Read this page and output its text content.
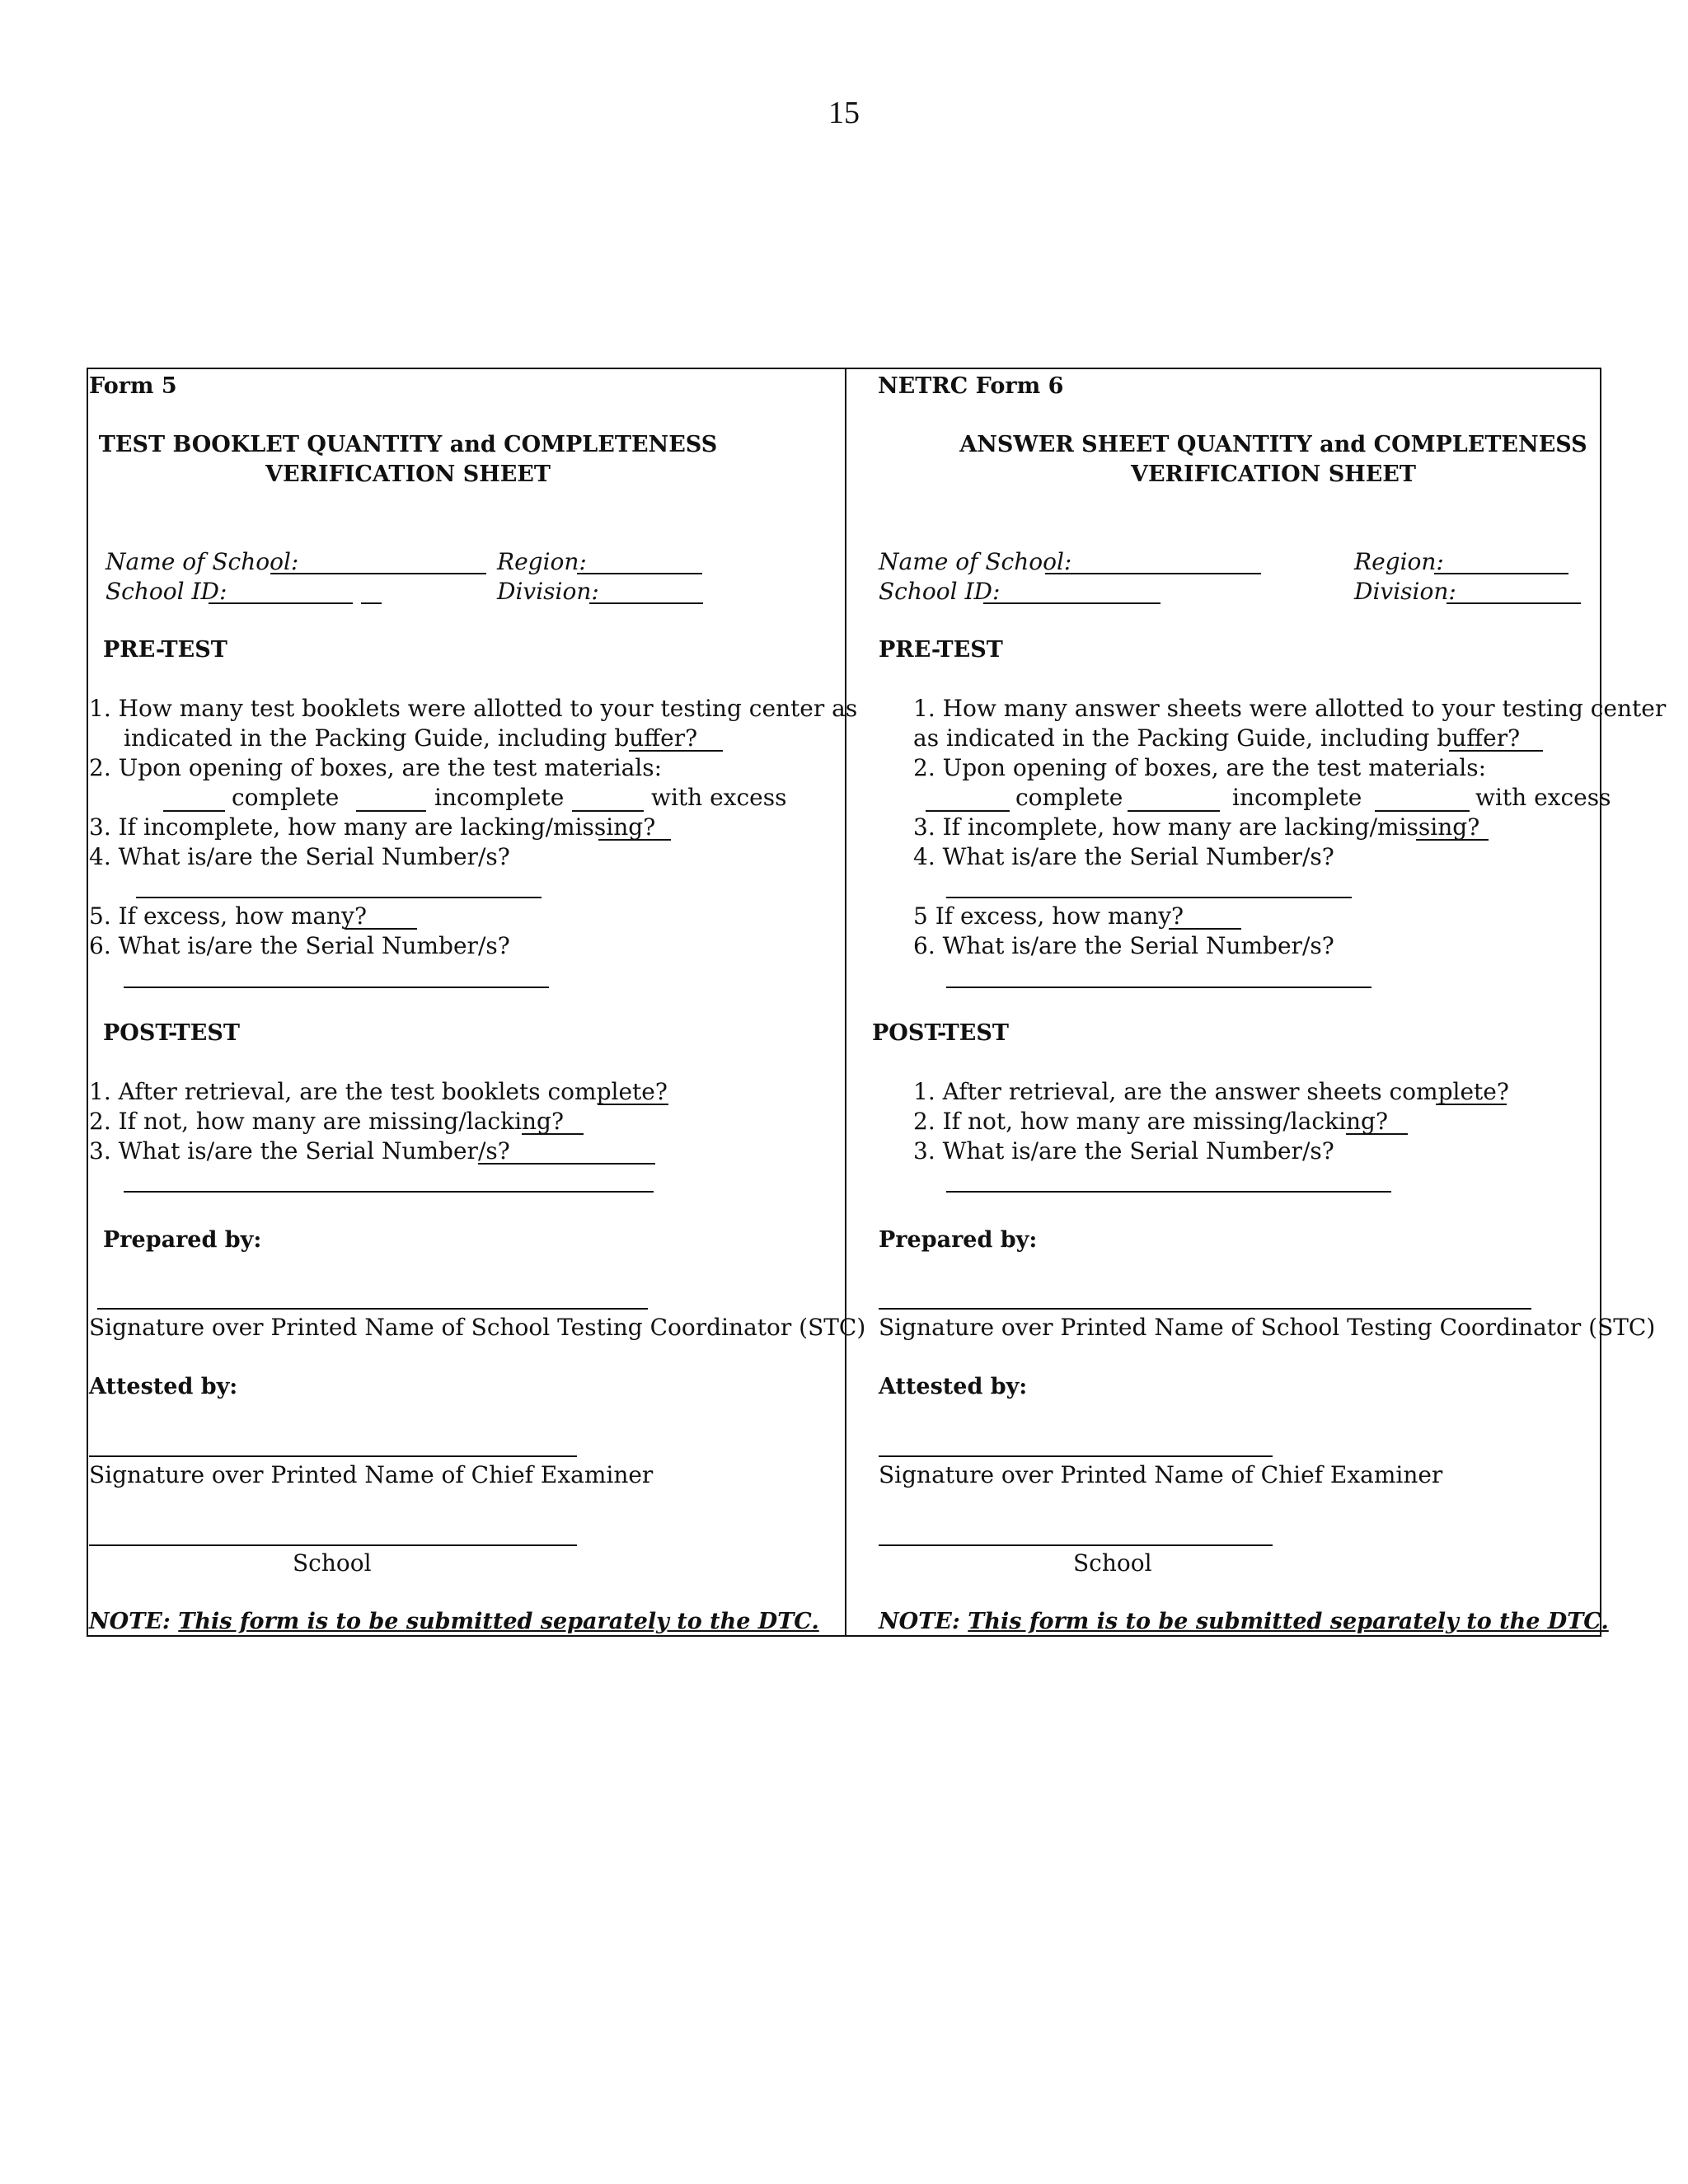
15
Form 5
TEST BOOKLET QUANTITY and COMPLETENESS
VERIFICATION SHEET
Name of School:	Region:
School ID:	Division:
PRE-TEST
1. How many test booklets were allotted to your testing center as
indicated in the Packing Guide, including buffer?
2. Upon opening of boxes, are the test materials:
complete	incomplete	with excess
3. If incomplete, how many are lacking/missing?
4. What is/are the Serial Number/s?
5. If excess, how many?
6. What is/are the Serial Number/s?
POST-TEST
1. After retrieval, are the test booklets complete?
2. If not, how many are missing/lacking?
3. What is/are the Serial Number/s?
Prepared by:
Signature over Printed Name of School Testing Coordinator (STC)
Attested by:
Signature over Printed Name of Chief Examiner
School
NOTE: This form is to be submitted separately to the DTC.
NETRC Form 6
ANSWER SHEET QUANTITY and COMPLETENESS
VERIFICATION SHEET
Name of School:	Region:
School ID:	Division:
PRE-TEST
1. How many answer sheets were allotted to your testing center
as indicated in the Packing Guide, including buffer?
2. Upon opening of boxes, are the test materials:
complete	incomplete	with excess
3. If incomplete, how many are lacking/missing?
4. What is/are the Serial Number/s?
5 If excess, how many?
6. What is/are the Serial Number/s?
POST-TEST
1. After retrieval, are the answer sheets complete?
2. If not, how many are missing/lacking?
3. What is/are the Serial Number/s?
Prepared by:
Signature over Printed Name of School Testing Coordinator (STC)
Attested by:
Signature over Printed Name of Chief Examiner
School
NOTE: This form is to be submitted separately to the DTC.
